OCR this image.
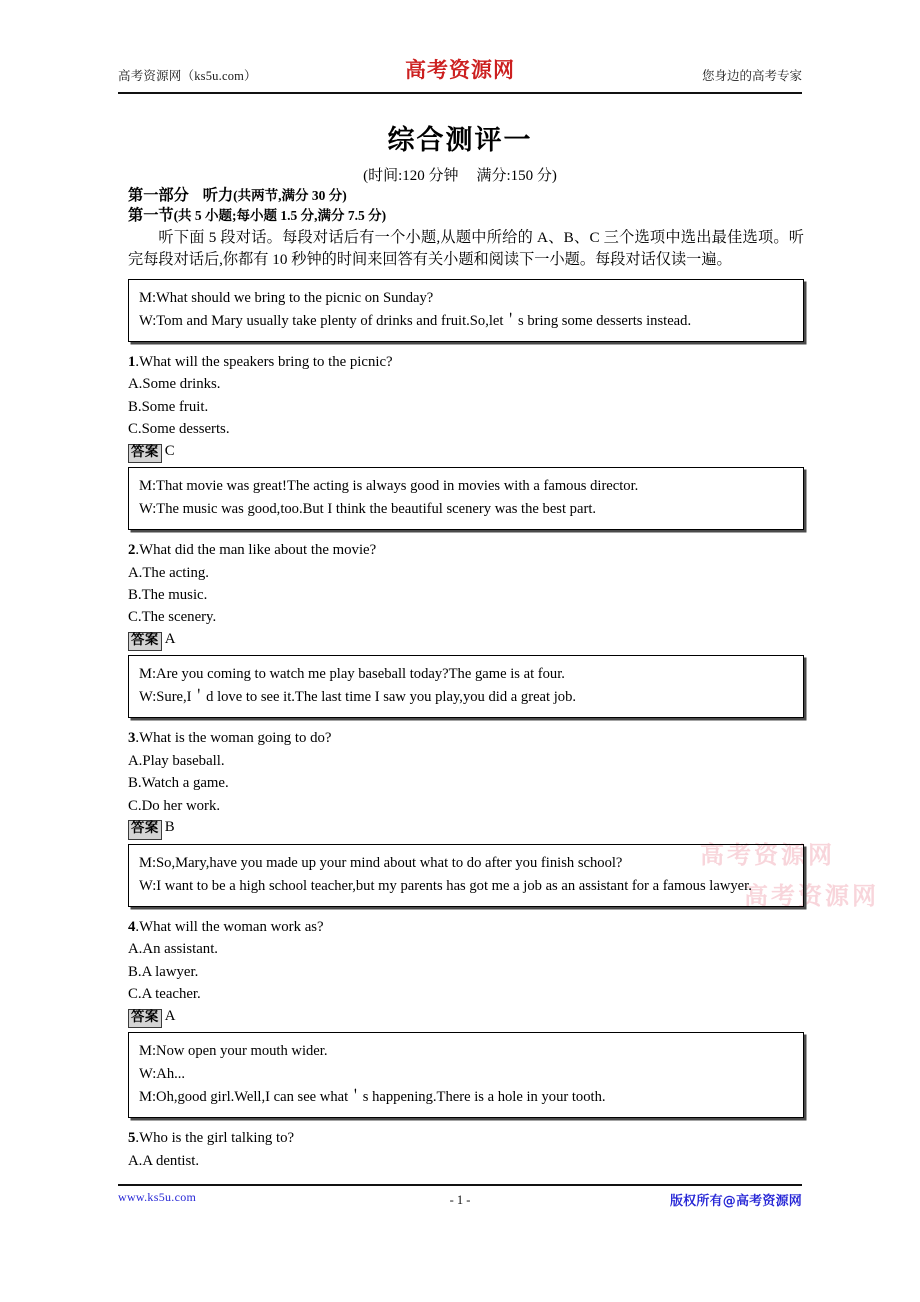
高考资源网（ks5u.com）	高考资源网	您身边的高考专家
高考资源网
高考资源网
综合测评一
(时间:120 分钟 满分:150 分)
第一部分 听力(共两节,满分 30 分)
第一节(共 5 小题;每小题 1.5 分,满分 7.5 分)

听下面 5 段对话。每段对话后有一个小题,从题中所给的 A、B、C 三个选项中选出最佳选项。听完每段对话后,你都有 10 秒钟的时间来回答有关小题和阅读下一小题。每段对话仅读一遍。

M:What should we bring to the picnic on Sunday?

W:Tom and Mary usually take plenty of drinks and fruit.So,let＇s bring some desserts instead.

1.What will the speakers bring to the picnic?

A.Some drinks.

B.Some fruit.

C.Some desserts.

答案 C

M:That movie was great!The acting is always good in movies with a famous director.

W:The music was good,too.But I think the beautiful scenery was the best part.

2.What did the man like about the movie?

A.The acting.

B.The music.

C.The scenery.

答案 A

M:Are you coming to watch me play baseball today?The game is at four.

W:Sure,I＇d love to see it.The last time I saw you play,you did a great job.

3.What is the woman going to do?

A.Play baseball.

B.Watch a game.

C.Do her work.

答案 B

M:So,Mary,have you made up your mind about what to do after you finish school?

W:I want to be a high school teacher,but my parents has got me a job as an assistant for a famous lawyer.

4.What will the woman work as?

A.An assistant.

B.A lawyer.

C.A teacher.

答案 A

M:Now open your mouth wider.

W:Ah...

M:Oh,good girl.Well,I can see what＇s happening.There is a hole in your tooth.

5.Who is the girl talking to?

A.A dentist.

www.ks5u.com	- 1 -	版权所有@高考资源网
